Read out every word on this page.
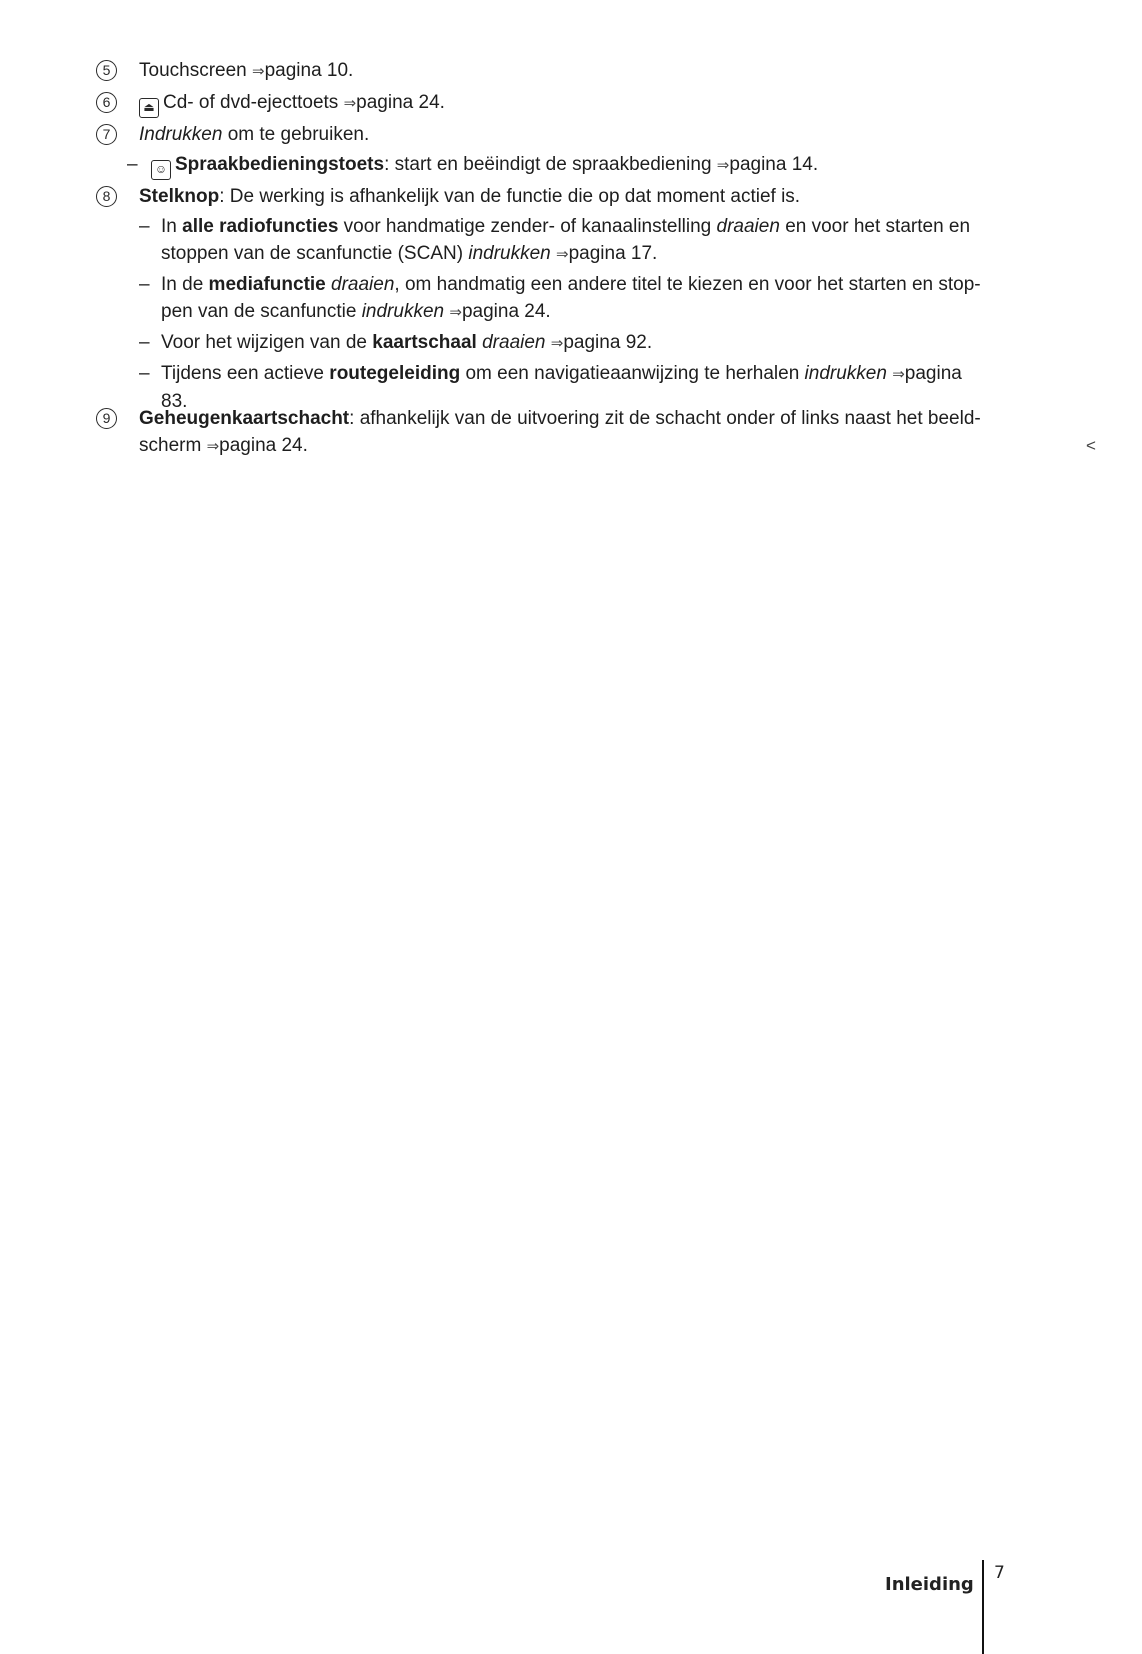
5	Touchscreen ⇒pagina 10.
6	⏏ Cd- of dvd-ejecttoets ⇒pagina 24.
7	Indrukken om te gebruiken.
– ☺ Spraakbedieningstoets: start en beëindigt de spraakbediening ⇒pagina 14.
8	Stelknop: De werking is afhankelijk van de functie die op dat moment actief is.
– In alle radiofuncties voor handmatige zender- of kanaalinstelling draaien en voor het starten en
stoppen van de scanfunctie (SCAN) indrukken ⇒pagina 17.
– In de mediafunctie draaien, om handmatig een andere titel te kiezen en voor het starten en stop-
pen van de scanfunctie indrukken ⇒pagina 24.
– Voor het wijzigen van de kaartschaal draaien ⇒pagina 92.
– Tijdens een actieve routegeleiding om een navigatieaanwijzing te herhalen indrukken ⇒pagina
83.
9	Geheugenkaartschacht: afhankelijk van de uitvoering zit de schacht onder of links naast het beeld-
scherm ⇒pagina 24.	<
Inleiding
7
